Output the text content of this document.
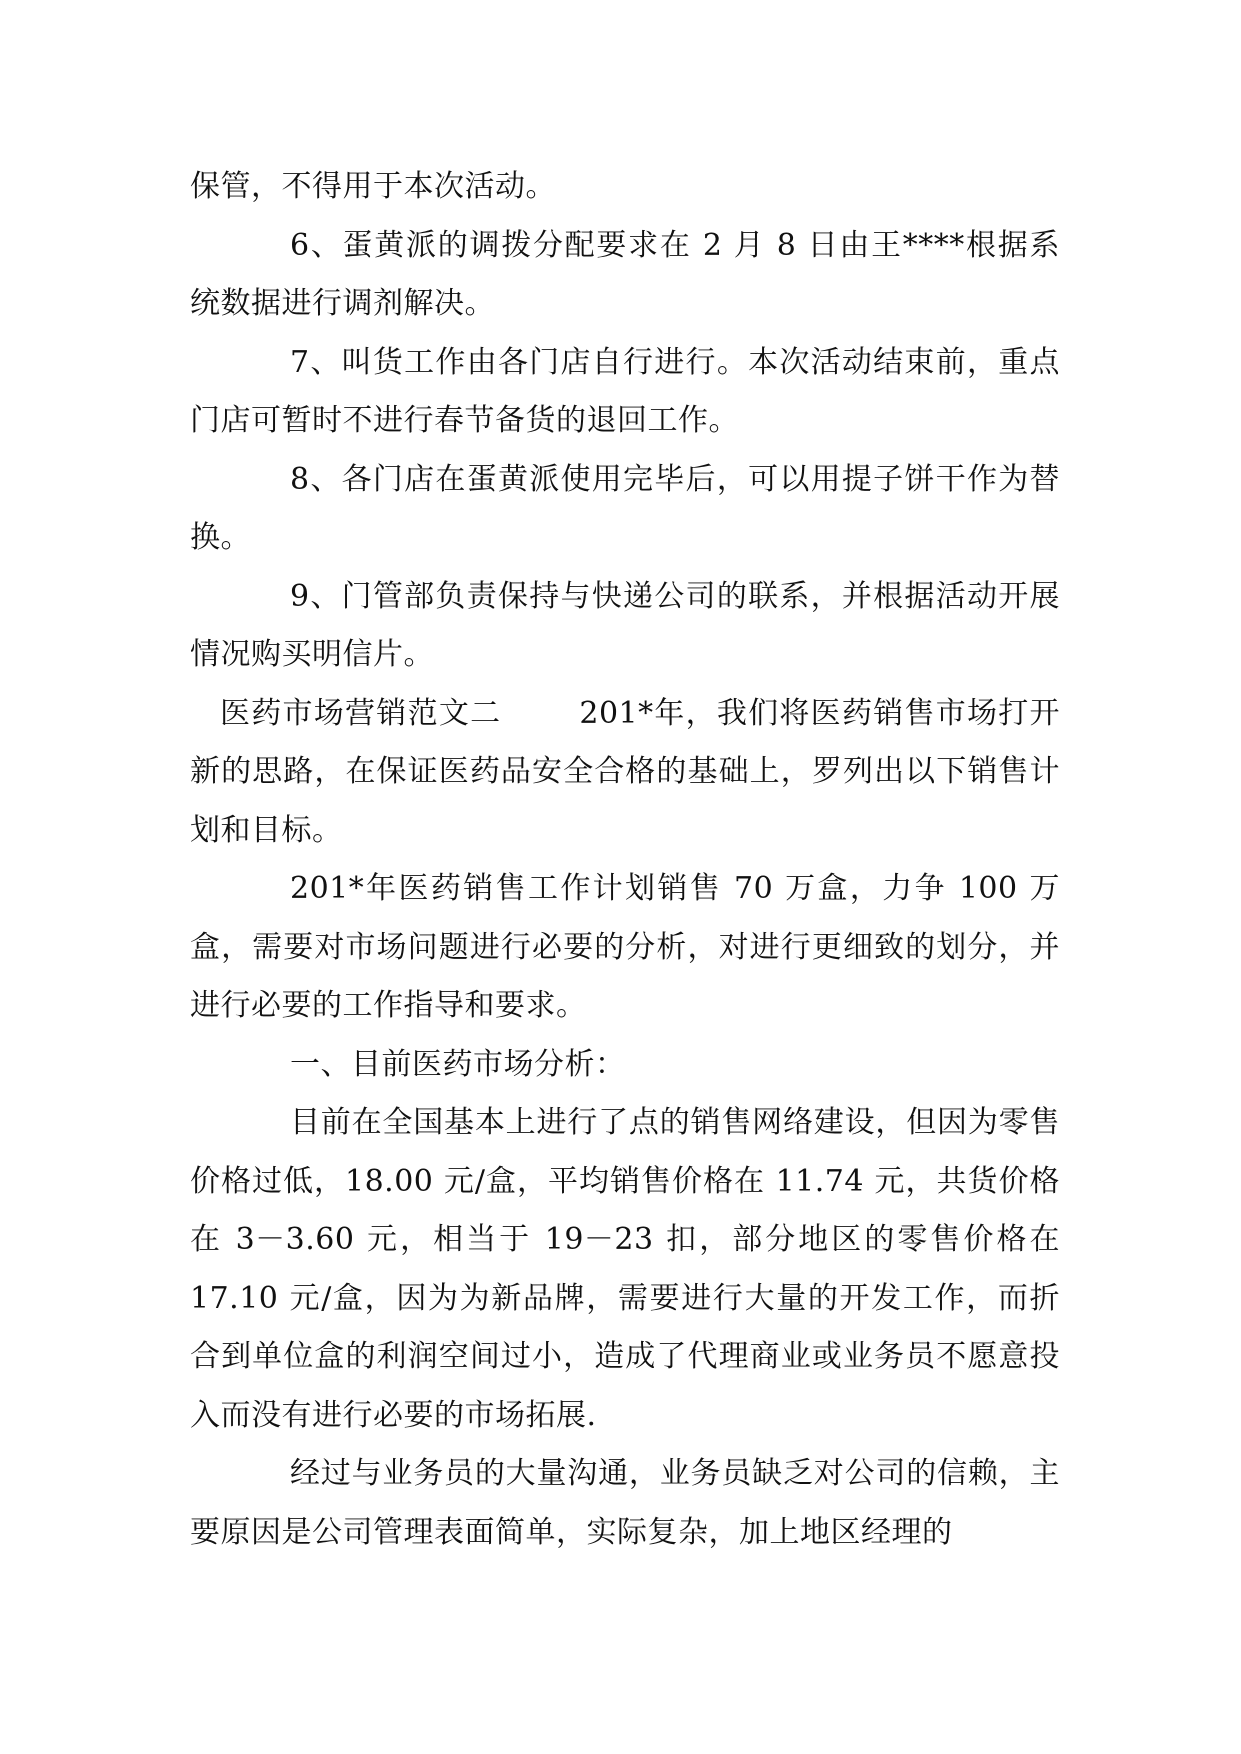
保管，不得用于本次活动。

6、蛋黄派的调拨分配要求在 2 月 8 日由王****根据系统数据进行调剂解决。

7、叫货工作由各门店自行进行。本次活动结束前，重点门店可暂时不进行春节备货的退回工作。

8、各门店在蛋黄派使用完毕后，可以用提子饼干作为替换。

9、门管部负责保持与快递公司的联系，并根据活动开展情况购买明信片。

医药市场营销范文二	201*年，我们将医药销售市场打开新的思路，在保证医药品安全合格的基础上，罗列出以下销售计划和目标。

201*年医药销售工作计划销售 70 万盒，力争 100 万盒，需要对市场问题进行必要的分析，对进行更细致的划分，并进行必要的工作指导和要求。

一、目前医药市场分析：

目前在全国基本上进行了点的销售网络建设，但因为零售价格过低，18.00 元/盒，平均销售价格在 11.74 元，共货价格在 3－3.60 元，相当于 19－23 扣，部分地区的零售价格在 17.10 元/盒，因为为新品牌，需要进行大量的开发工作，而折合到单位盒的利润空间过小，造成了代理商业或业务员不愿意投入而没有进行必要的市场拓展.

经过与业务员的大量沟通，业务员缺乏对公司的信赖，主要原因是公司管理表面简单，实际复杂，加上地区经理的
